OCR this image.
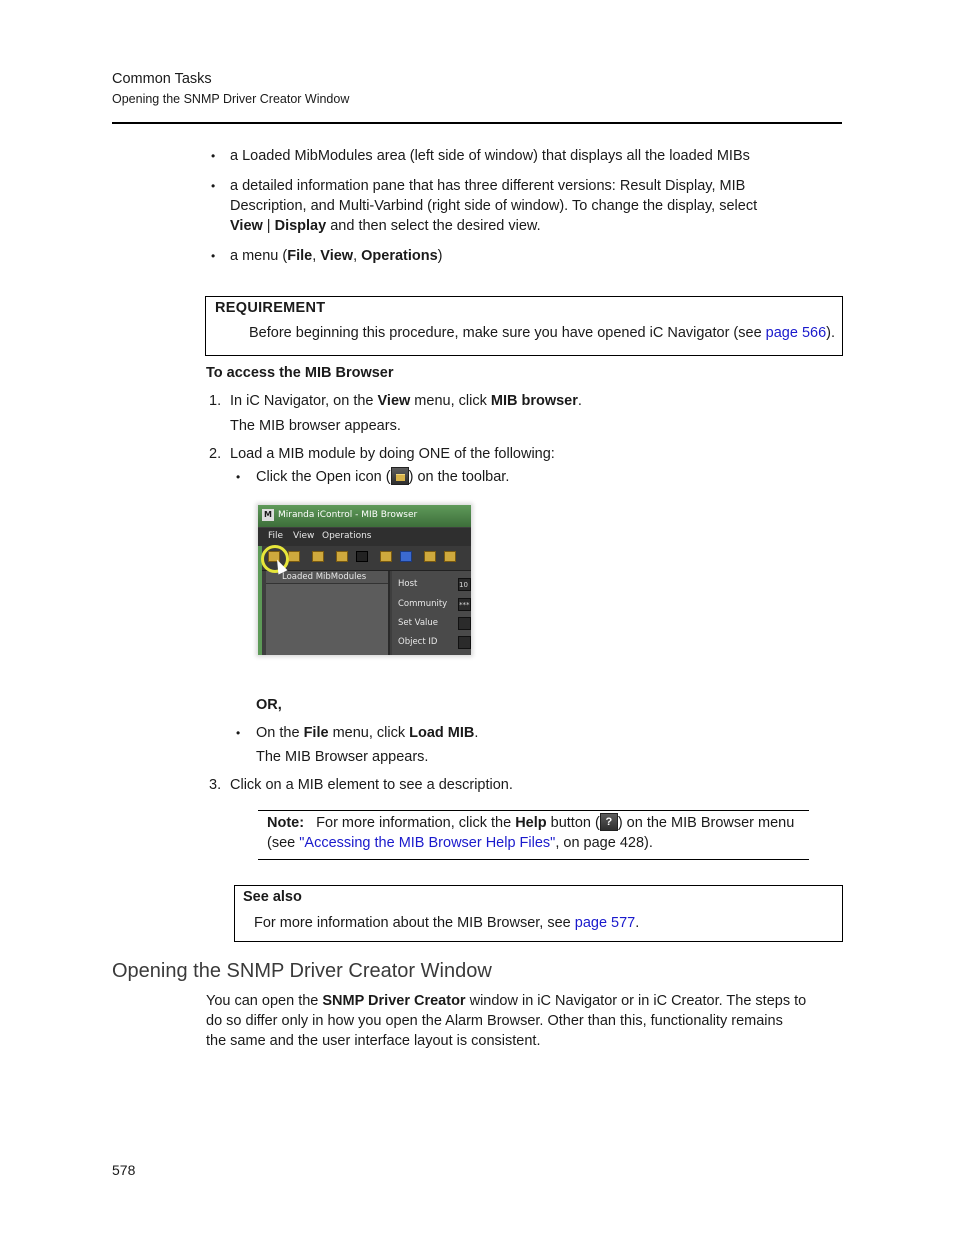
Common Tasks
Opening the SNMP Driver Creator Window
• a Loaded MibModules area (left side of window) that displays all the loaded MIBs
• a detailed information pane that has three different versions: Result Display, MIB
Description, and Multi-Varbind (right side of window). To change the display, select
View | Display and then select the desired view.
• a menu (File, View, Operations)
REQUIREMENT
Before beginning this procedure, make sure you have opened iC Navigator (see page 566).
To access the MIB Browser
1. In iC Navigator, on the View menu, click MIB browser.
The MIB browser appears.
2. Load a MIB module by doing ONE of the following:
• Click the Open icon ( ) on the toolbar.
M Miranda iControl - MIB Browser
File View Operations
Loaded MibModules
Host
Community
Set Value
Object ID
10
***
OR,
• On the File menu, click Load MIB.
The MIB Browser appears.
3. Click on a MIB element to see a description.
Note: For more information, click the Help button ( ? ) on the MIB Browser menu
(see "Accessing the MIB Browser Help Files", on page 428).
See also
For more information about the MIB Browser, see page 577.
Opening the SNMP Driver Creator Window
You can open the SNMP Driver Creator window in iC Navigator or in iC Creator. The steps to
do so differ only in how you open the Alarm Browser. Other than this, functionality remains
the same and the user interface layout is consistent.
578
